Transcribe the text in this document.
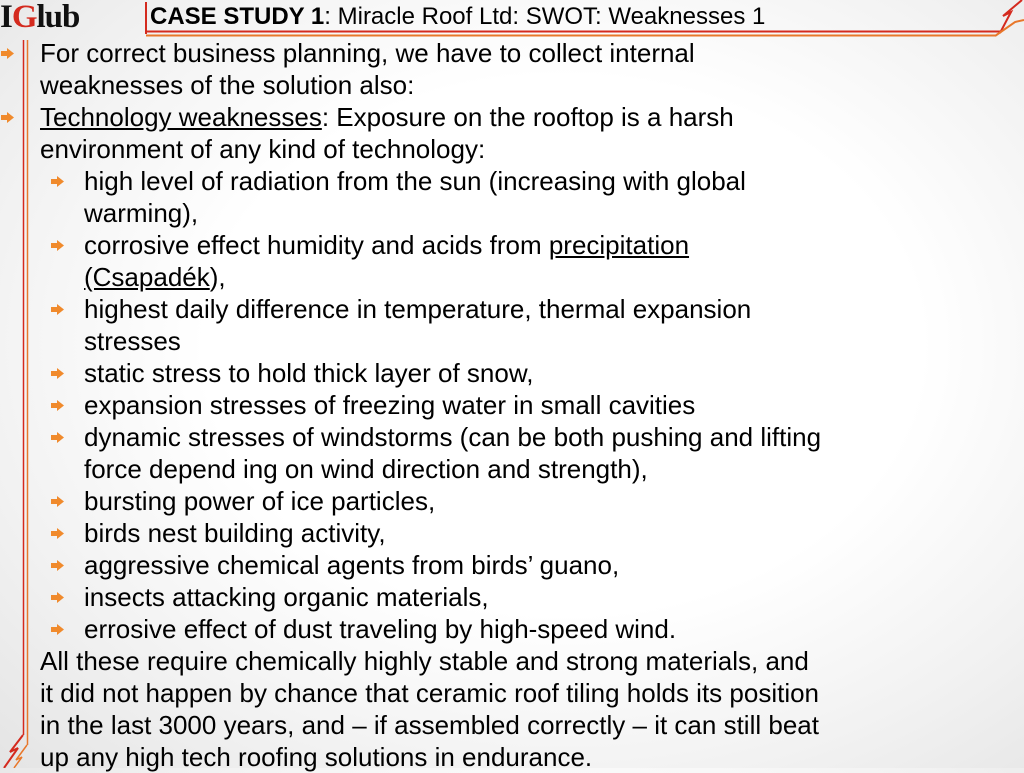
IGlub	CASE STUDY 1: Miracle Roof Ltd: SWOT: Weaknesses 1
For correct business planning, we have to collect internal
weaknesses of the solution also:
Technology weaknesses: Exposure on the rooftop is a harsh
environment of any kind of technology:
high level of radiation from the sun (increasing with global
warming),
corrosive effect humidity and acids from precipitation
(Csapadék),
highest daily difference in temperature, thermal expansion
stresses
static stress to hold thick layer of snow,
expansion stresses of freezing water in small cavities
dynamic stresses of windstorms (can be both pushing and lifting
force depend ing on wind direction and strength),
bursting power of ice particles,
birds nest building activity,
aggressive chemical agents from birds’ guano,
insects attacking organic materials,
errosive effect of dust traveling by high-speed wind.
All these require chemically highly stable and strong materials, and
it did not happen by chance that ceramic roof tiling holds its position
in the last 3000 years, and – if assembled correctly – it can still beat
up any high tech roofing solutions in endurance.
